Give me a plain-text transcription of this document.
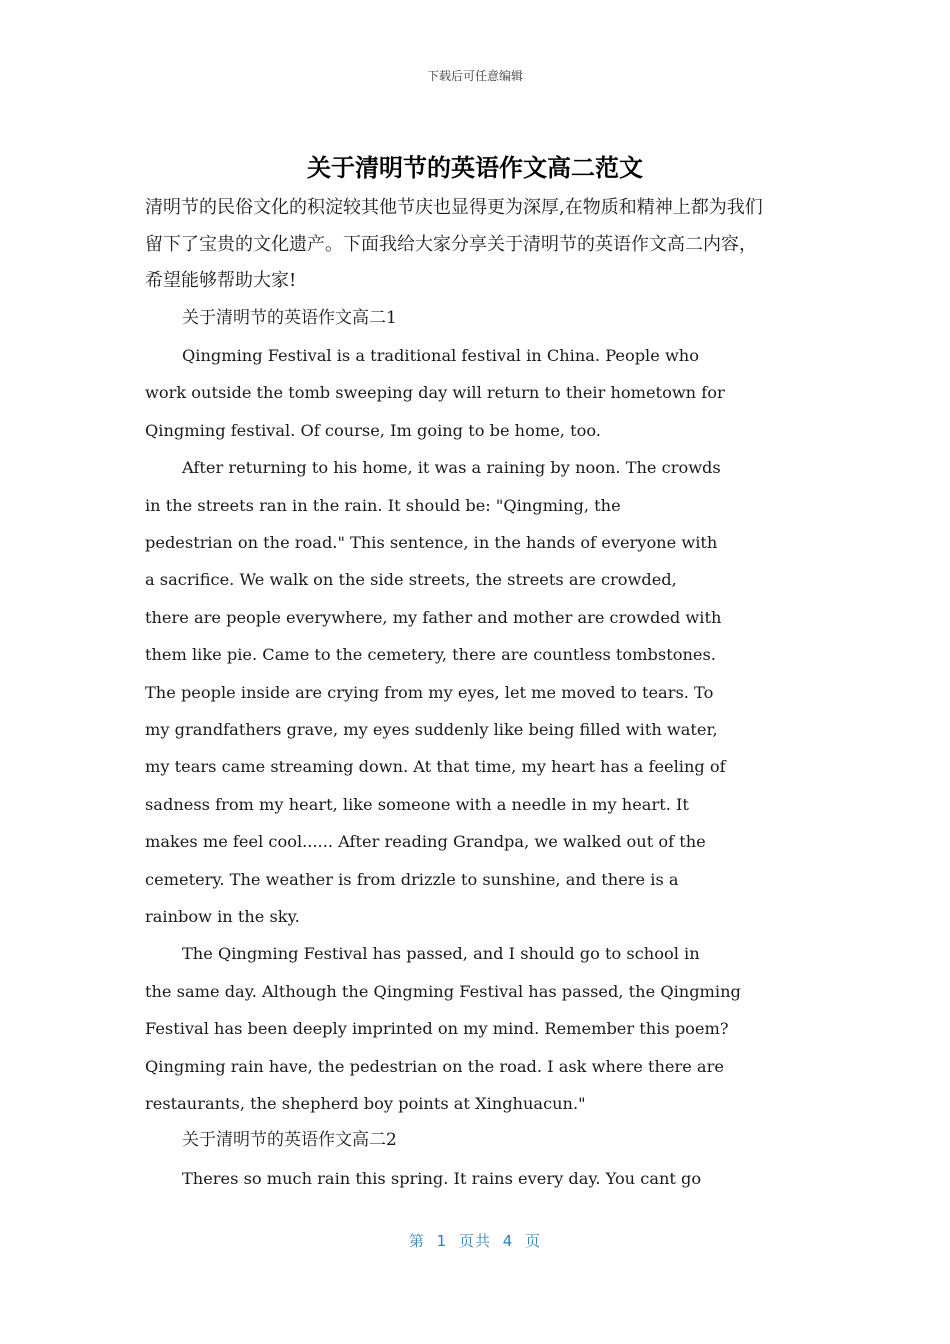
下载后可任意编辑
关于清明节的英语作文高二范文

清明节的民俗文化的积淀较其他节庆也显得更为深厚,在物质和精神上都为我们

留下了宝贵的文化遗产。下面我给大家分享关于清明节的英语作文高二内容，

希望能够帮助大家!

关于清明节的英语作文高二1

Qingming Festival is a traditional festival in China. People who

work outside the tomb sweeping day will return to their hometown for

Qingming festival. Of course, Im going to be home, too.

After returning to his home, it was a raining by noon. The crowds

in the streets ran in the rain. It should be: "Qingming, the

pedestrian on the road." This sentence, in the hands of everyone with

a sacrifice. We walk on the side streets, the streets are crowded,

there are people everywhere, my father and mother are crowded with

them like pie. Came to the cemetery, there are countless tombstones.

The people inside are crying from my eyes, let me moved to tears. To

my grandfathers grave, my eyes suddenly like being filled with water,

my tears came streaming down. At that time, my heart has a feeling of

sadness from my heart, like someone with a needle in my heart. It

makes me feel cool...... After reading Grandpa, we walked out of the

cemetery. The weather is from drizzle to sunshine, and there is a

rainbow in the sky.

The Qingming Festival has passed, and I should go to school in

the same day. Although the Qingming Festival has passed, the Qingming

Festival has been deeply imprinted on my mind. Remember this poem?

Qingming rain have, the pedestrian on the road. I ask where there are

restaurants, the shepherd boy points at Xinghuacun."

关于清明节的英语作文高二2

Theres so much rain this spring. It rains every day. You cant go

第 1 页共 4 页
